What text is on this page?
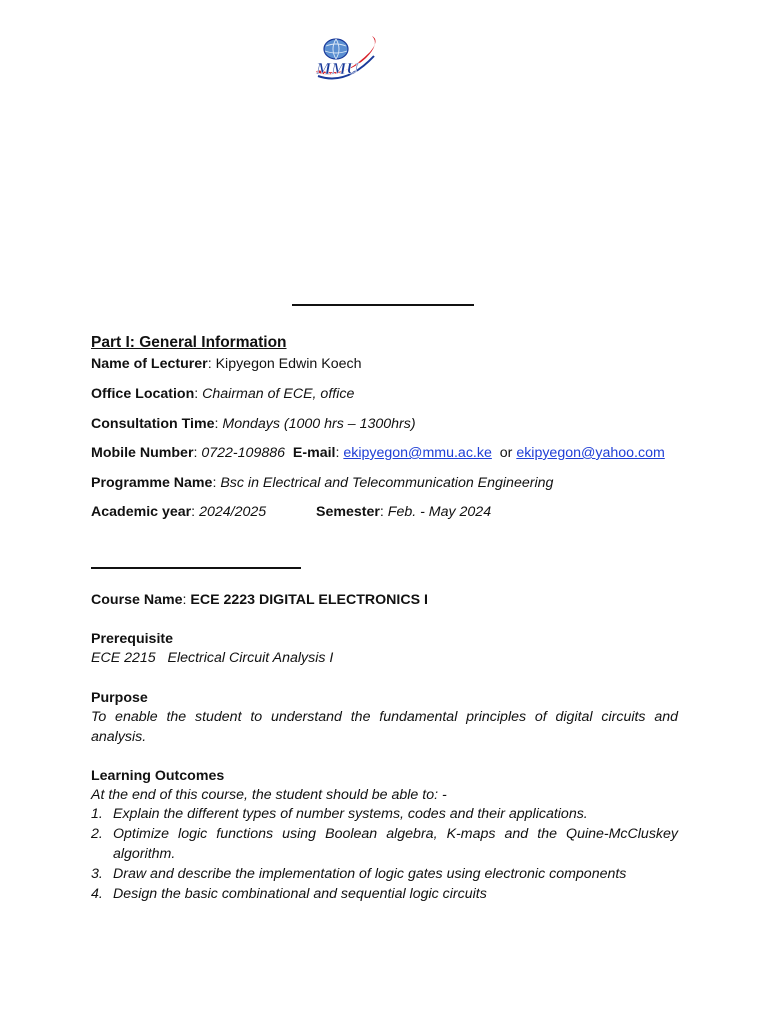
MMU
Part I: General Information
Name of Lecturer: Kipyegon Edwin Koech
Office Location: Chairman of ECE, office
Consultation Time: Mondays (1000 hrs – 1300hrs)
Mobile Number: 0722-109886 E-mail: ekipyegon@mmu.ac.ke or ekipyegon@yahoo.com
Programme Name: Bsc in Electrical and Telecommunication Engineering
Academic year: 2024/2025	Semester: Feb. - May 2024
Course Name: ECE 2223 DIGITAL ELECTRONICS I
Prerequisite
ECE 2215 Electrical Circuit Analysis I
Purpose
To enable the student to understand the fundamental principles of digital circuits and analysis.
Learning Outcomes
At the end of this course, the student should be able to: -
1. Explain the different types of number systems, codes and their applications.
2. Optimize logic functions using Boolean algebra, K-maps and the Quine-McCluskey algorithm.
3. Draw and describe the implementation of logic gates using electronic components
4. Design the basic combinational and sequential logic circuits
